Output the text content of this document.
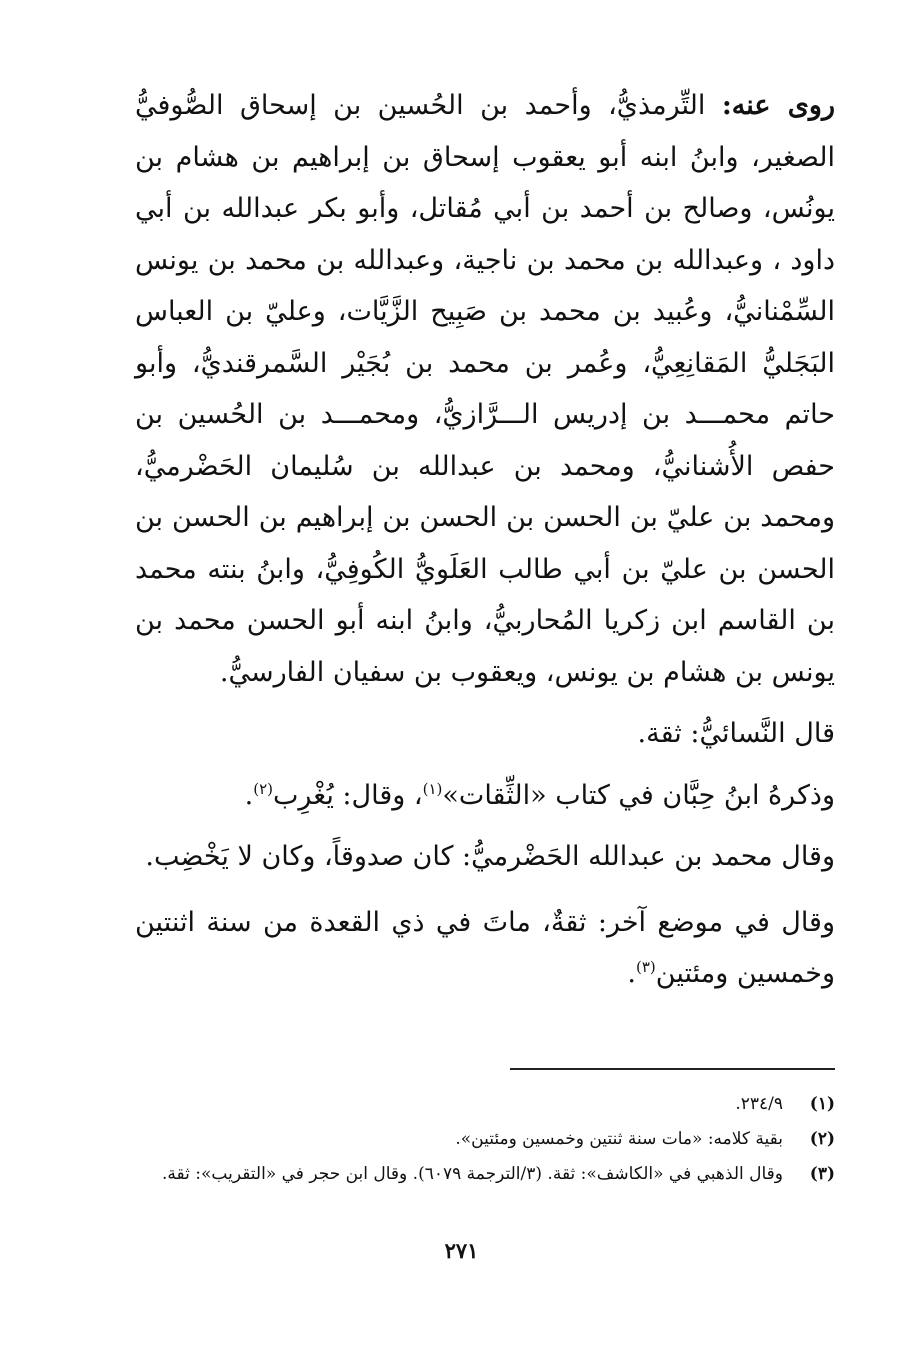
روى عنه: التِّرمذيُّ، وأحمد بن الحُسين بن إسحاق الصُّوفيُّ الصغير، وابنُ ابنه أبو يعقوب إسحاق بن إبراهيم بن هشام بن يونُس، وصالح بن أحمد بن أبي مُقاتل، وأبو بكر عبدالله بن أبي داود ، وعبدالله بن محمد بن ناجية، وعبدالله بن محمد بن يونس السِّمْنانيُّ، وعُبيد بن محمد بن صَبِيح الزَّيَّات، وعليّ بن العباس البَجَليُّ المَقانِعِيُّ، وعُمر بن محمد بن بُجَيْر السَّمرقنديُّ، وأبو حاتم محمـــد بن إدريس الـــرَّازيُّ، ومحمـــد بن الحُسين بن حفص الأُشنانيُّ، ومحمد بن عبدالله بن سُليمان الحَضْرميُّ، ومحمد بن عليّ بن الحسن بن الحسن بن إبراهيم بن الحسن بن الحسن بن عليّ بن أبي طالب العَلَويُّ الكُوفِيُّ، وابنُ بنته محمد بن القاسم ابن زكريا المُحاربيُّ، وابنُ ابنه أبو الحسن محمد بن يونس بن هشام بن يونس، ويعقوب بن سفيان الفارسيُّ.

قال النَّسائيُّ: ثقة.

وذكرهُ ابنُ حِبَّان في كتاب «الثِّقات»$^{(١)}$، وقال: يُغْرِب$^{(٢)}$.

وقال محمد بن عبدالله الحَضْرميُّ: كان صدوقاً، وكان لا يَخْضِب.

وقال في موضع آخر: ثقةٌ، ماتَ في ذي القعدة من سنة اثنتين وخمسين ومئتين$^{(٣)}$.

(١)
٢٣٤/٩.
(٢)
بقية كلامه: «مات سنة ثنتين وخمسين ومئتين».
(٣)
وقال الذهبي في «الكاشف»: ثقة. (٣/الترجمة ٦٠٧٩). وقال ابن حجر في «التقريب»: ثقة.
٢٧١
